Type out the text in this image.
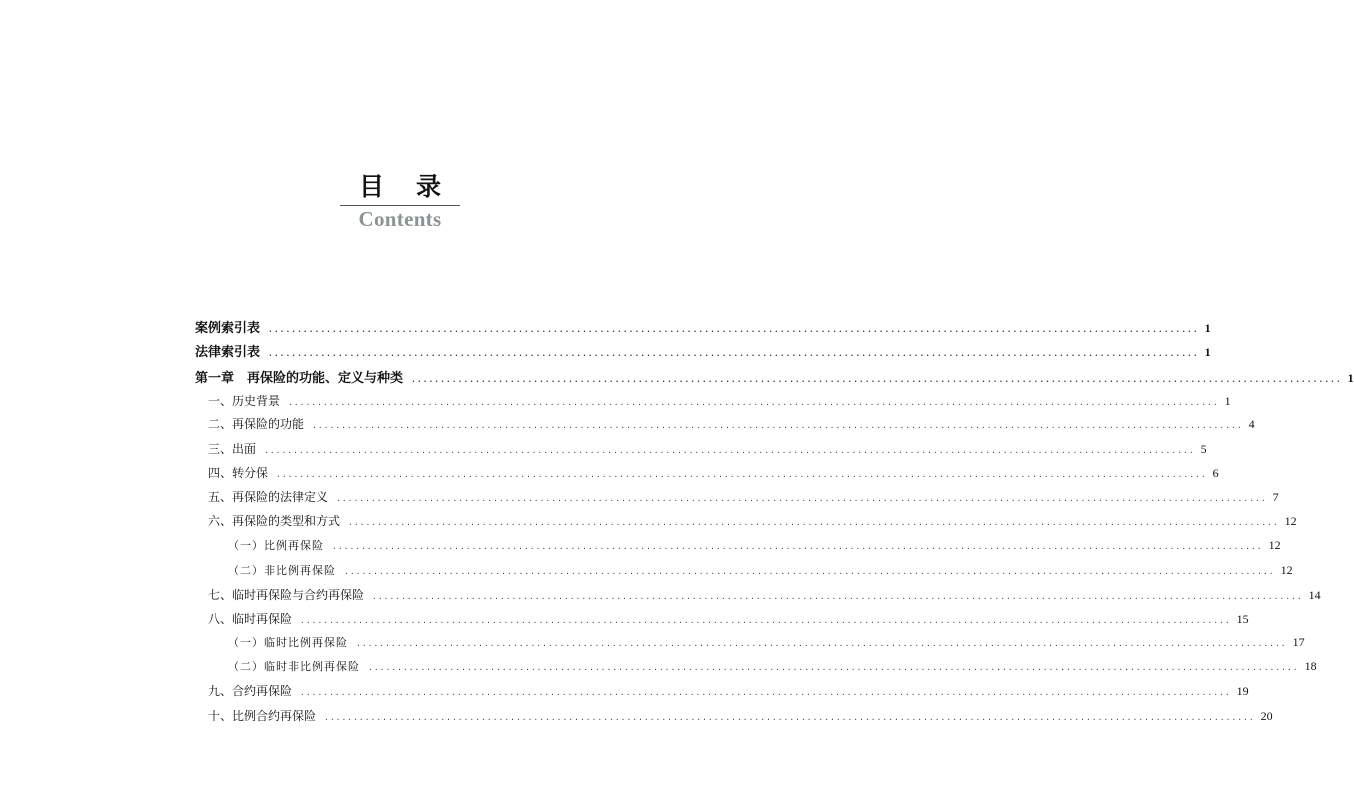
目录
Contents
案例索引表 ................................................................................................................................................................ 1
法律索引表 ................................................................................................................................................................ 1
第一章　再保险的功能、定义与种类 ................................................................................................................................................................ 1
一、历史背景 ................................................................................................................................................................ 1
二、再保险的功能 ................................................................................................................................................................ 4
三、出面 ................................................................................................................................................................ 5
四、转分保 ................................................................................................................................................................ 6
五、再保险的法律定义 ................................................................................................................................................................ 7
六、再保险的类型和方式 ................................................................................................................................................................ 12
（一）比例再保险 ................................................................................................................................................................ 12
（二）非比例再保险 ................................................................................................................................................................ 12
七、临时再保险与合约再保险 ................................................................................................................................................................ 14
八、临时再保险 ................................................................................................................................................................ 15
（一）临时比例再保险 ................................................................................................................................................................ 17
（二）临时非比例再保险 ................................................................................................................................................................ 18
九、合约再保险 ................................................................................................................................................................ 19
十、比例合约再保险 ................................................................................................................................................................ 20
